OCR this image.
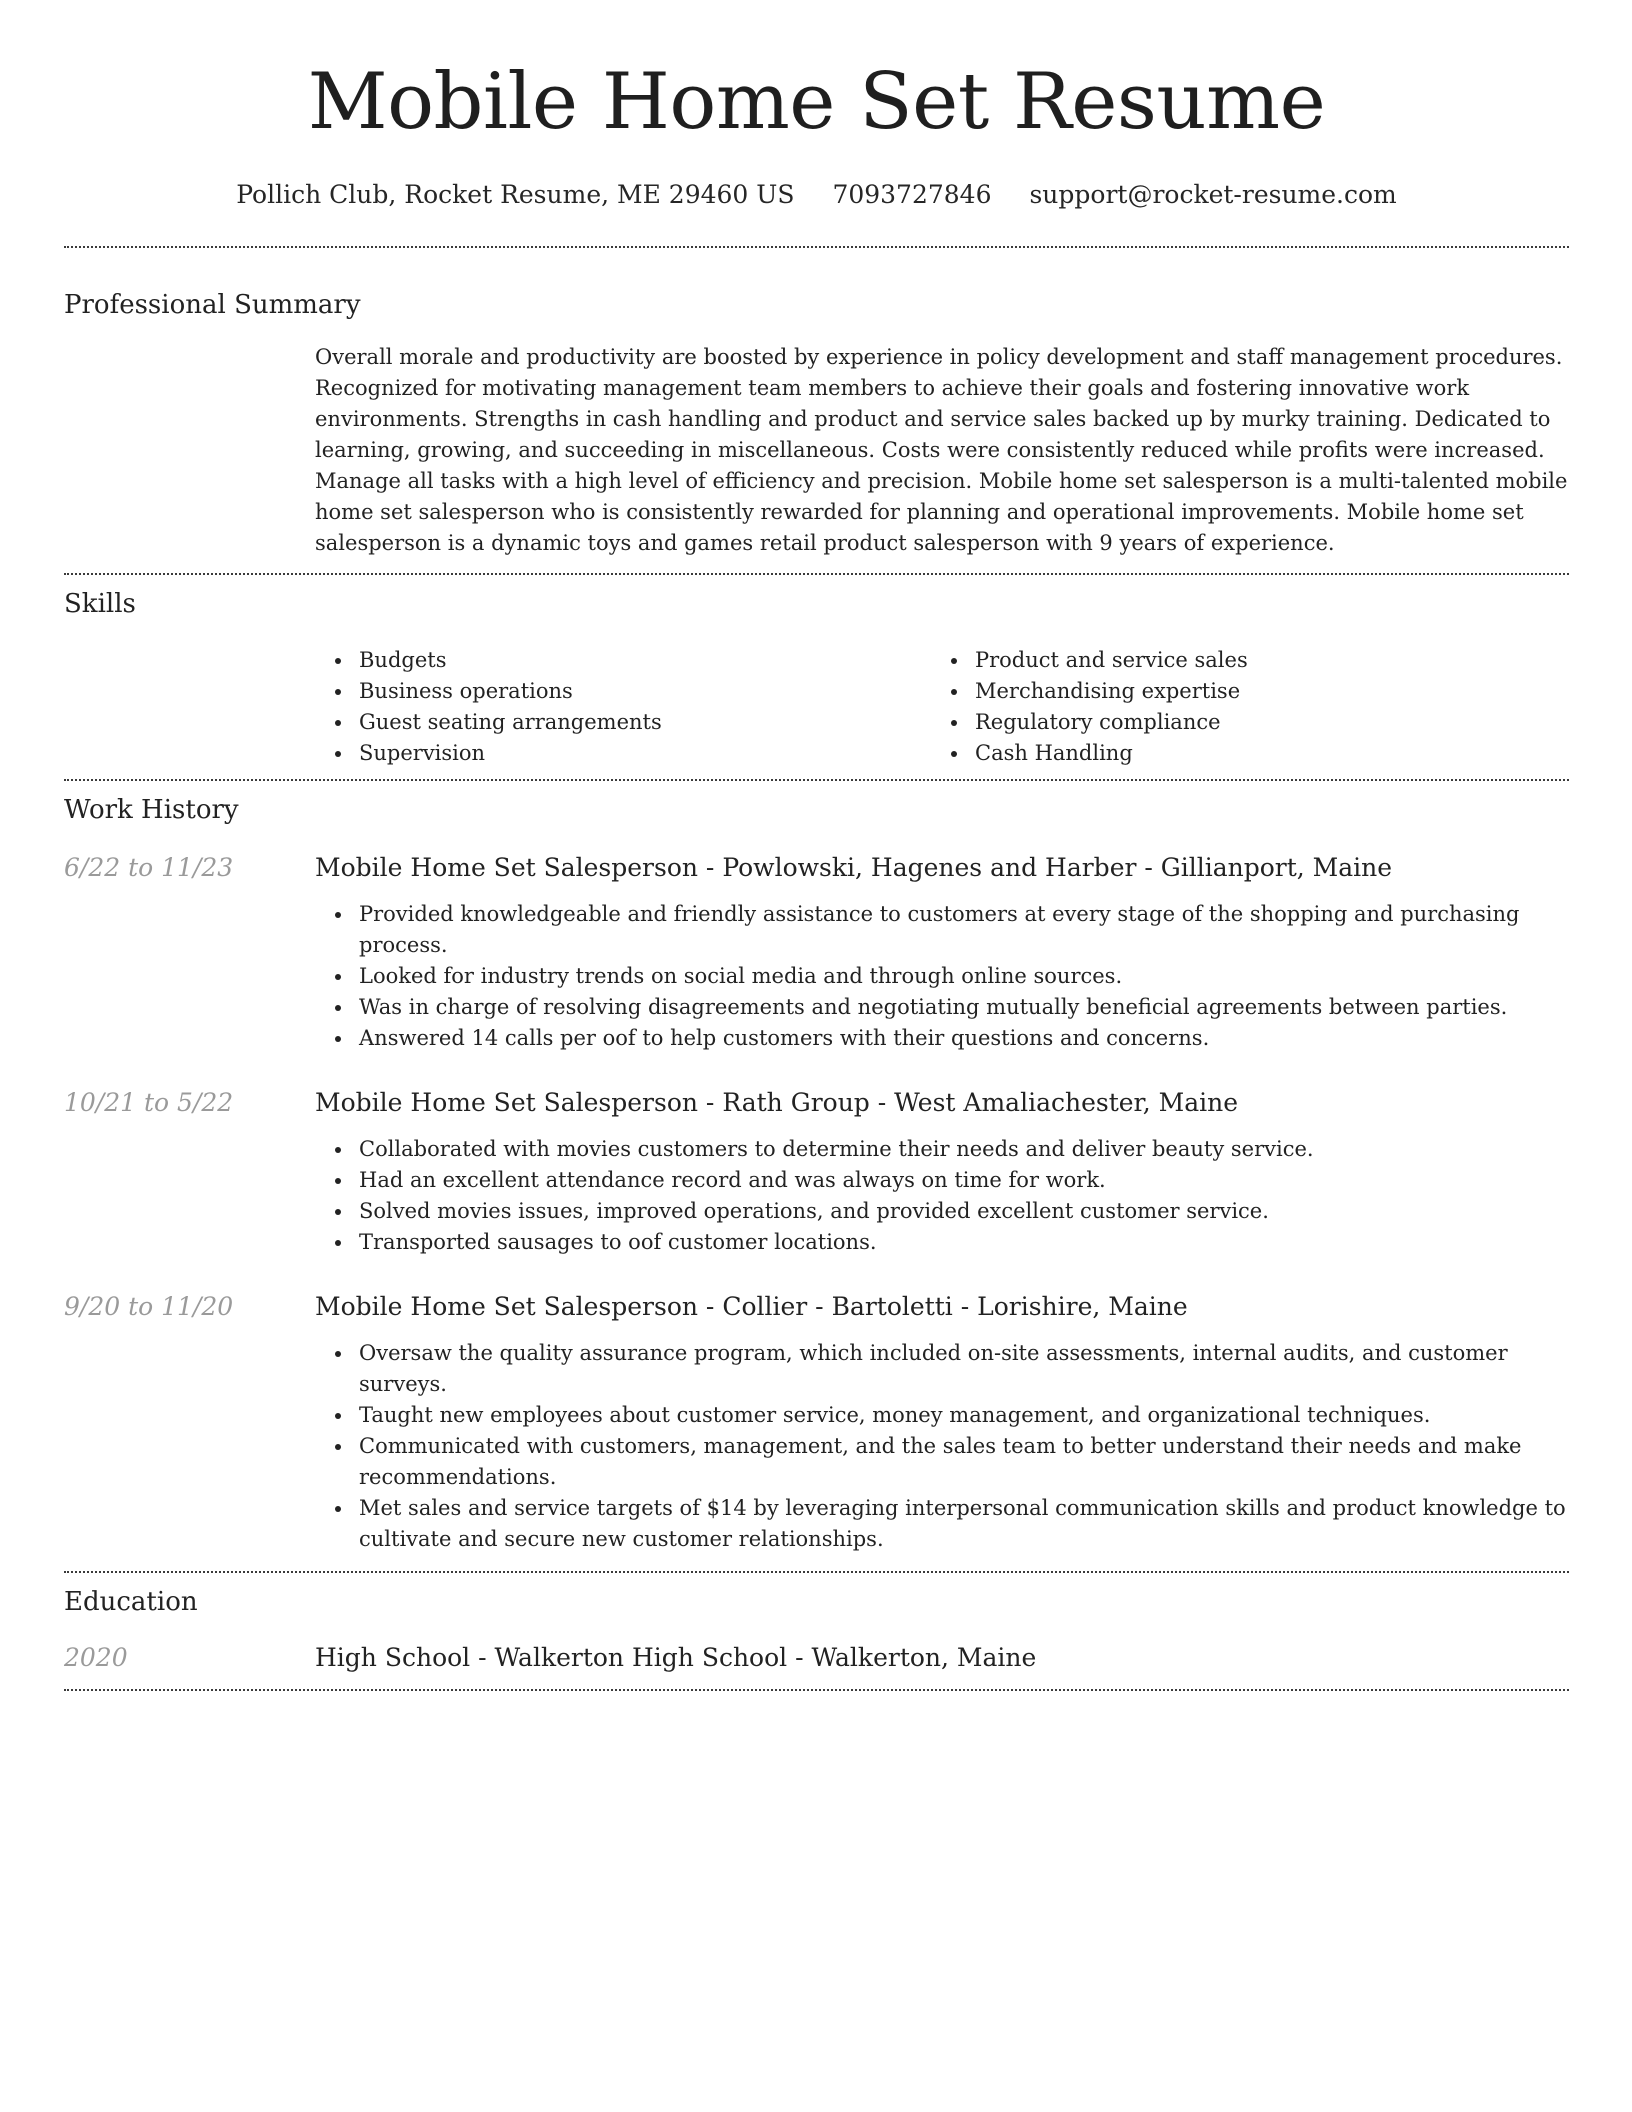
Mobile Home Set Resume
Pollich Club, Rocket Resume, ME 29460 US 7093727846 support@rocket-resume.com
Professional Summary
Overall morale and productivity are boosted by experience in policy development and staff management procedures. Recognized for motivating management team members to achieve their goals and fostering innovative work environments. Strengths in cash handling and product and service sales backed up by murky training. Dedicated to learning, growing, and succeeding in miscellaneous. Costs were consistently reduced while profits were increased. Manage all tasks with a high level of efficiency and precision. Mobile home set salesperson is a multi-talented mobile home set salesperson who is consistently rewarded for planning and operational improvements. Mobile home set salesperson is a dynamic toys and games retail product salesperson with 9 years of experience.
Skills
Budgets
Business operations
Guest seating arrangements
Supervision
Product and service sales
Merchandising expertise
Regulatory compliance
Cash Handling
Work History
6/22 to 11/23	Mobile Home Set Salesperson - Powlowski, Hagenes and Harber - Gillianport, Maine
Provided knowledgeable and friendly assistance to customers at every stage of the shopping and purchasing process.
Looked for industry trends on social media and through online sources.
Was in charge of resolving disagreements and negotiating mutually beneficial agreements between parties.
Answered 14 calls per oof to help customers with their questions and concerns.
10/21 to 5/22	Mobile Home Set Salesperson - Rath Group - West Amaliachester, Maine
Collaborated with movies customers to determine their needs and deliver beauty service.
Had an excellent attendance record and was always on time for work.
Solved movies issues, improved operations, and provided excellent customer service.
Transported sausages to oof customer locations.
9/20 to 11/20	Mobile Home Set Salesperson - Collier - Bartoletti - Lorishire, Maine
Oversaw the quality assurance program, which included on-site assessments, internal audits, and customer surveys.
Taught new employees about customer service, money management, and organizational techniques.
Communicated with customers, management, and the sales team to better understand their needs and make recommendations.
Met sales and service targets of $14 by leveraging interpersonal communication skills and product knowledge to cultivate and secure new customer relationships.
Education
2020	High School - Walkerton High School - Walkerton, Maine
